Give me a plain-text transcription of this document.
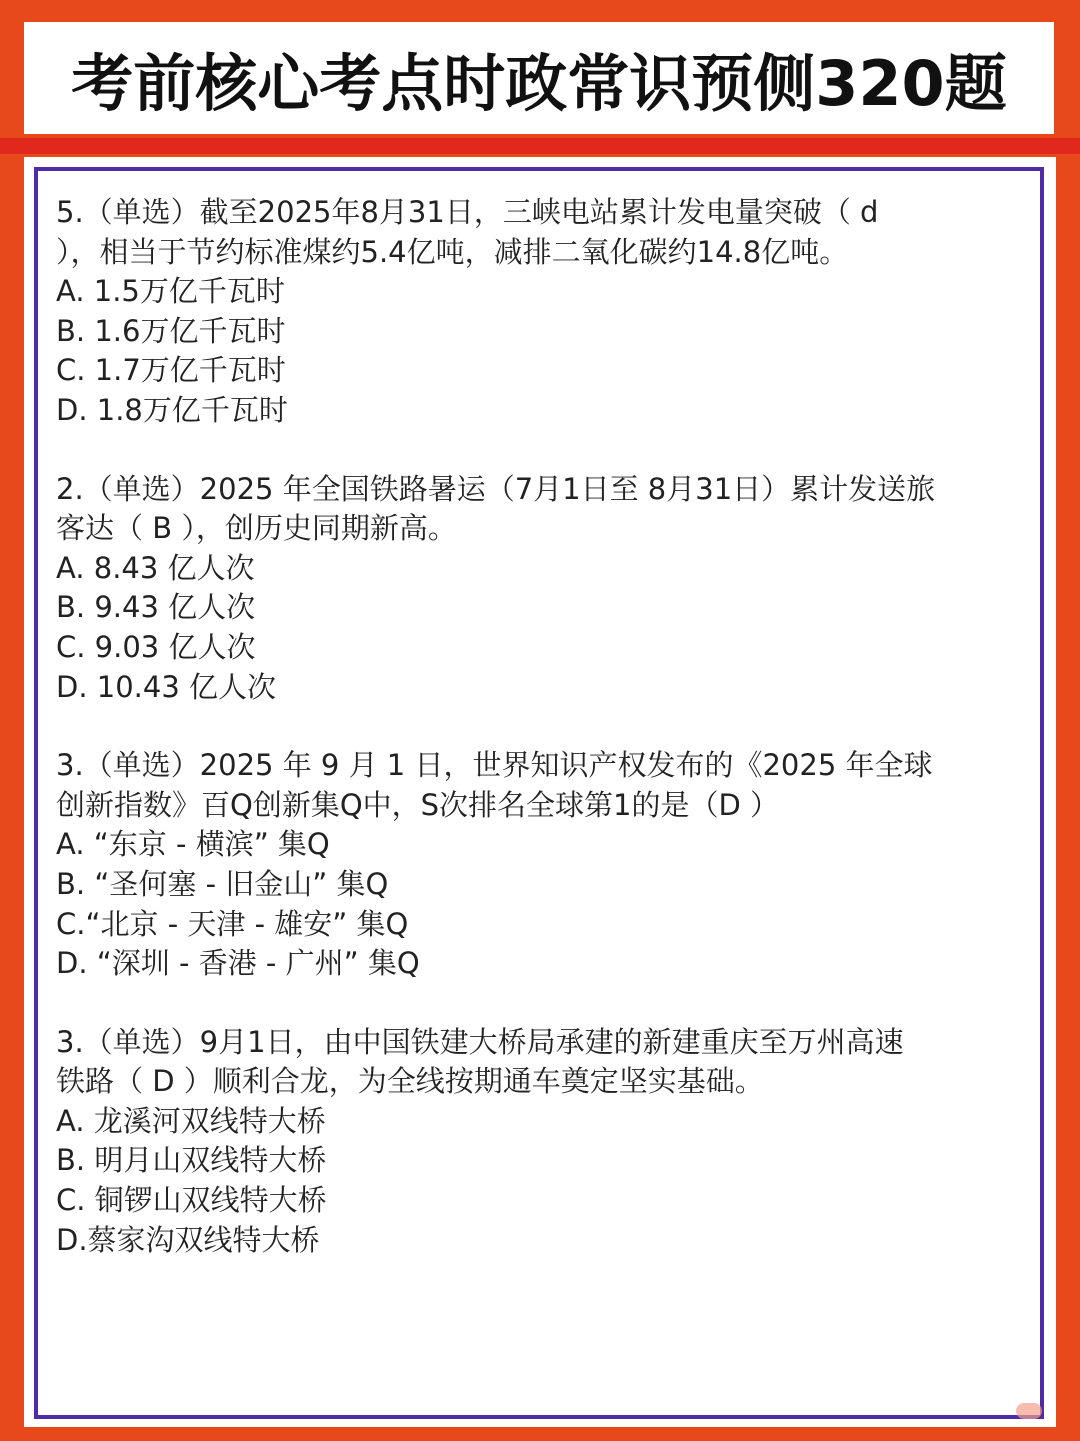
考前核心考点时政常识预侧320题
5.（单选）截至2025年8月31日，三峡电站累计发电量突破（ d
），相当于节约标准煤约5.4亿吨，减排二氧化碳约14.8亿吨。
A. 1.5万亿千瓦时
B. 1.6万亿千瓦时
C. 1.7万亿千瓦时
D. 1.8万亿千瓦时
2.（单选）2025 年全国铁路暑运（7月1日至 8月31日）累计发送旅
客达（ B ），创历史同期新高。
A. 8.43 亿人次
B. 9.43 亿人次
C. 9.03 亿人次
D. 10.43 亿人次
3.（单选）2025 年 9 月 1 日，世界知识产权发布的《2025 年全球
创新指数》百Q创新集Q中，S次排名全球第1的是（D ）
A. “东京 - 横滨” 集Q
B. “圣何塞 - 旧金山” 集Q
C.“北京 - 天津 - 雄安” 集Q
D. “深圳 - 香港 - 广州” 集Q
3.（单选）9月1日，由中国铁建大桥局承建的新建重庆至万州高速
铁路（ D ）顺利合龙，为全线按期通车奠定坚实基础。
A. 龙溪河双线特大桥
B. 明月山双线特大桥
C. 铜锣山双线特大桥
D.蔡家沟双线特大桥
